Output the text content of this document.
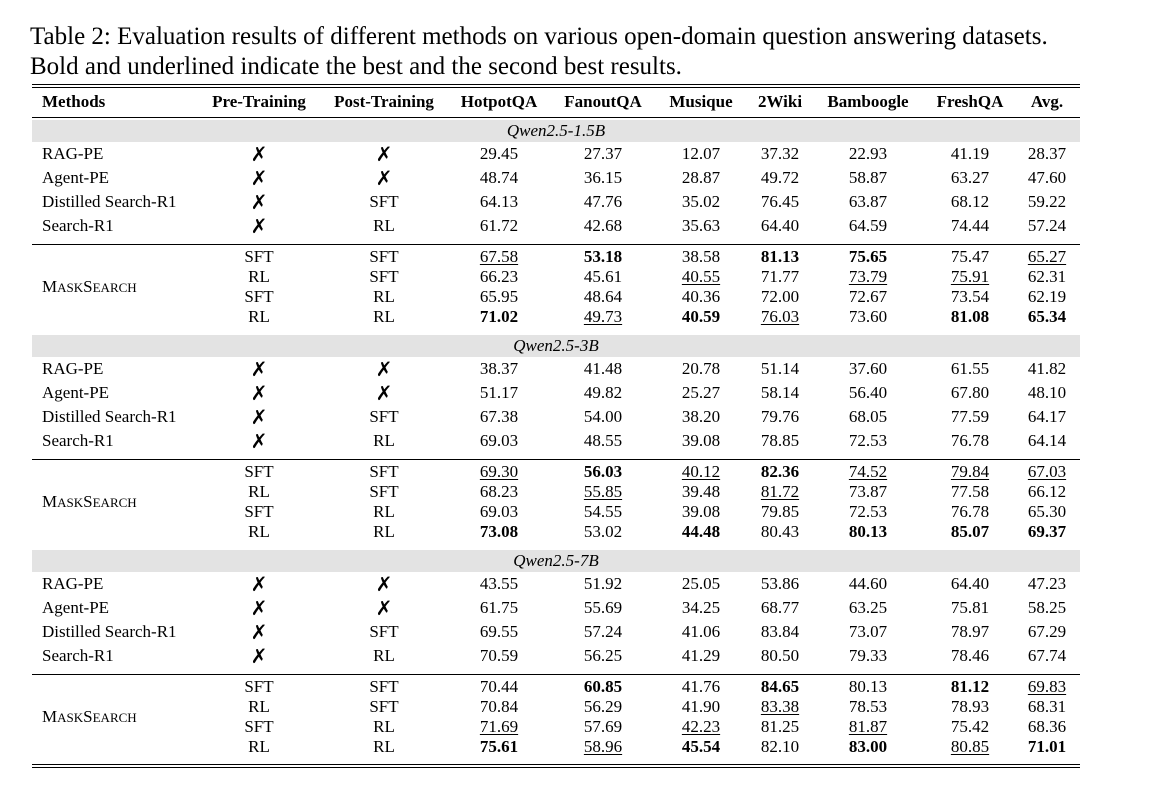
Table 2: Evaluation results of different methods on various open-domain question answering datasets.
Bold and underlined indicate the best and the second best results.
Methods	Pre-Training	Post-Training	HotpotQA	FanoutQA	Musique	2Wiki	Bamboogle	FreshQA	Avg.
Qwen2.5-1.5B
RAG-PE	✗	✗	29.45	27.37	12.07	37.32	22.93	41.19	28.37
Agent-PE	✗	✗	48.74	36.15	28.87	49.72	58.87	63.27	47.60
Distilled Search-R1	✗	SFT	64.13	47.76	35.02	76.45	63.87	68.12	59.22
Search-R1	✗	RL	61.72	42.68	35.63	64.40	64.59	74.44	57.24
MASKSEARCH
SFT	SFT	67.58	53.18	38.58	81.13	75.65	75.47	65.27
RL	SFT	66.23	45.61	40.55	71.77	73.79	75.91	62.31
SFT	RL	65.95	48.64	40.36	72.00	72.67	73.54	62.19
RL	RL	71.02	49.73	40.59	76.03	73.60	81.08	65.34
Qwen2.5-3B
RAG-PE	✗	✗	38.37	41.48	20.78	51.14	37.60	61.55	41.82
Agent-PE	✗	✗	51.17	49.82	25.27	58.14	56.40	67.80	48.10
Distilled Search-R1	✗	SFT	67.38	54.00	38.20	79.76	68.05	77.59	64.17
Search-R1	✗	RL	69.03	48.55	39.08	78.85	72.53	76.78	64.14
MASKSEARCH
SFT	SFT	69.30	56.03	40.12	82.36	74.52	79.84	67.03
RL	SFT	68.23	55.85	39.48	81.72	73.87	77.58	66.12
SFT	RL	69.03	54.55	39.08	79.85	72.53	76.78	65.30
RL	RL	73.08	53.02	44.48	80.43	80.13	85.07	69.37
Qwen2.5-7B
RAG-PE	✗	✗	43.55	51.92	25.05	53.86	44.60	64.40	47.23
Agent-PE	✗	✗	61.75	55.69	34.25	68.77	63.25	75.81	58.25
Distilled Search-R1	✗	SFT	69.55	57.24	41.06	83.84	73.07	78.97	67.29
Search-R1	✗	RL	70.59	56.25	41.29	80.50	79.33	78.46	67.74
MASKSEARCH
SFT	SFT	70.44	60.85	41.76	84.65	80.13	81.12	69.83
RL	SFT	70.84	56.29	41.90	83.38	78.53	78.93	68.31
SFT	RL	71.69	57.69	42.23	81.25	81.87	75.42	68.36
RL	RL	75.61	58.96	45.54	82.10	83.00	80.85	71.01
